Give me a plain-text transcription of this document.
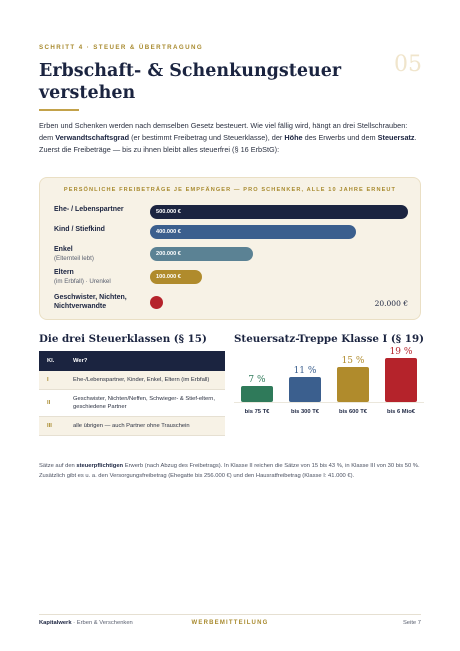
SCHRITT 4 · STEUER & ÜBERTRAGUNG
05
Erbschaft- & Schenkungsteuer verstehen

Erben und Schenken werden nach demselben Gesetz besteuert. Wie viel fällig wird, hängt an drei Stellschrauben: dem Verwandtschaftsgrad (er bestimmt Freibetrag und Steuerklasse), der Höhe des Erwerbs und dem Steuersatz. Zuerst die Freibeträge — bis zu ihnen bleibt alles steuerfrei (§ 16 ErbStG):

PERSÖNLICHE FREIBETRÄGE JE EMPFÄNGER — PRO SCHENKER, ALLE 10 JAHRE ERNEUT
Ehe- / Lebenspartner	500.000 €
Kind / Stiefkind	400.000 €
Enkel
(Elternteil lebt)
200.000 €
Eltern
(im Erbfall) · Urenkel
100.000 €
Geschwister, Nichten, Nichtverwandte	20.000 €
Die drei Steuerklassen (§ 15)
Kl.	Wer?
I	Ehe-/Lebenspartner, Kinder, Enkel, Eltern (im Erbfall)
II	Geschwister, Nichten/Neffen, Schwieger- & Stief-eltern, geschiedene Partner
III	alle übrigen — auch Partner ohne Trauschein
Steuersatz-Treppe Klasse I (§ 19)
7 %
bis 75 T€
11 %
bis 300 T€
15 %
bis 600 T€
19 %
bis 6 Mio€

Sätze auf den steuerpflichtigen Erwerb (nach Abzug des Freibetrags). In Klasse II reichen die Sätze von 15 bis 43 %, in Klasse III von 30 bis 50 %. Zusätzlich gibt es u. a. den Versorgungsfreibetrag (Ehegatte bis 256.000 €) und den Hausratfreibetrag (Klasse I: 41.000 €).

Kapitalwerk · Erben & Verschenken	WERBEMITTEILUNG	Seite 7
